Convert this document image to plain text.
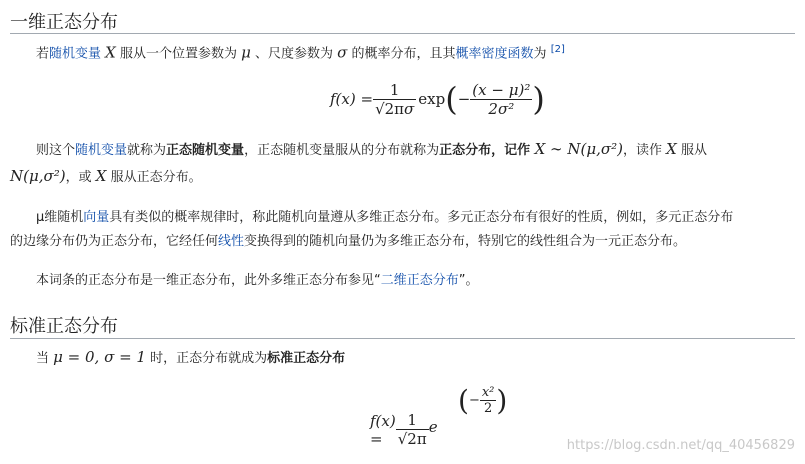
一维正态分布
若随机变量 X 服从一个位置参数为 μ 、尺度参数为 σ 的概率分布，且其概率密度函数为 [2]
$f(x) = \frac{1}{√2\pi\sigma}$ exp ( − $\frac{\text{(x − μ)²}}{\text{2σ²}}$ )
则这个随机变量就称为正态随机变量，正态随机变量服从的分布就称为正态分布，记作 X ∼ N(μ,σ²)，读作 X 服从
N(μ,σ²)，或 X 服从正态分布。
μ维随机向量具有类似的概率规律时，称此随机向量遵从多维正态分布。多元正态分布有很好的性质，例如，多元正态分布
的边缘分布仍为正态分布，它经任何线性变换得到的随机向量仍为多维正态分布，特别它的线性组合为一元正态分布。
本词条的正态分布是一维正态分布，此外多维正态分布参见“二维正态分布”。
标准正态分布
当 μ = 0, σ = 1 时，正态分布就成为标准正态分布
$f(x) = \frac{1}{√2\pi}$ e
( − $\frac{\text{x²}}{2}$ )
https://blog.csdn.net/qq_40456829
